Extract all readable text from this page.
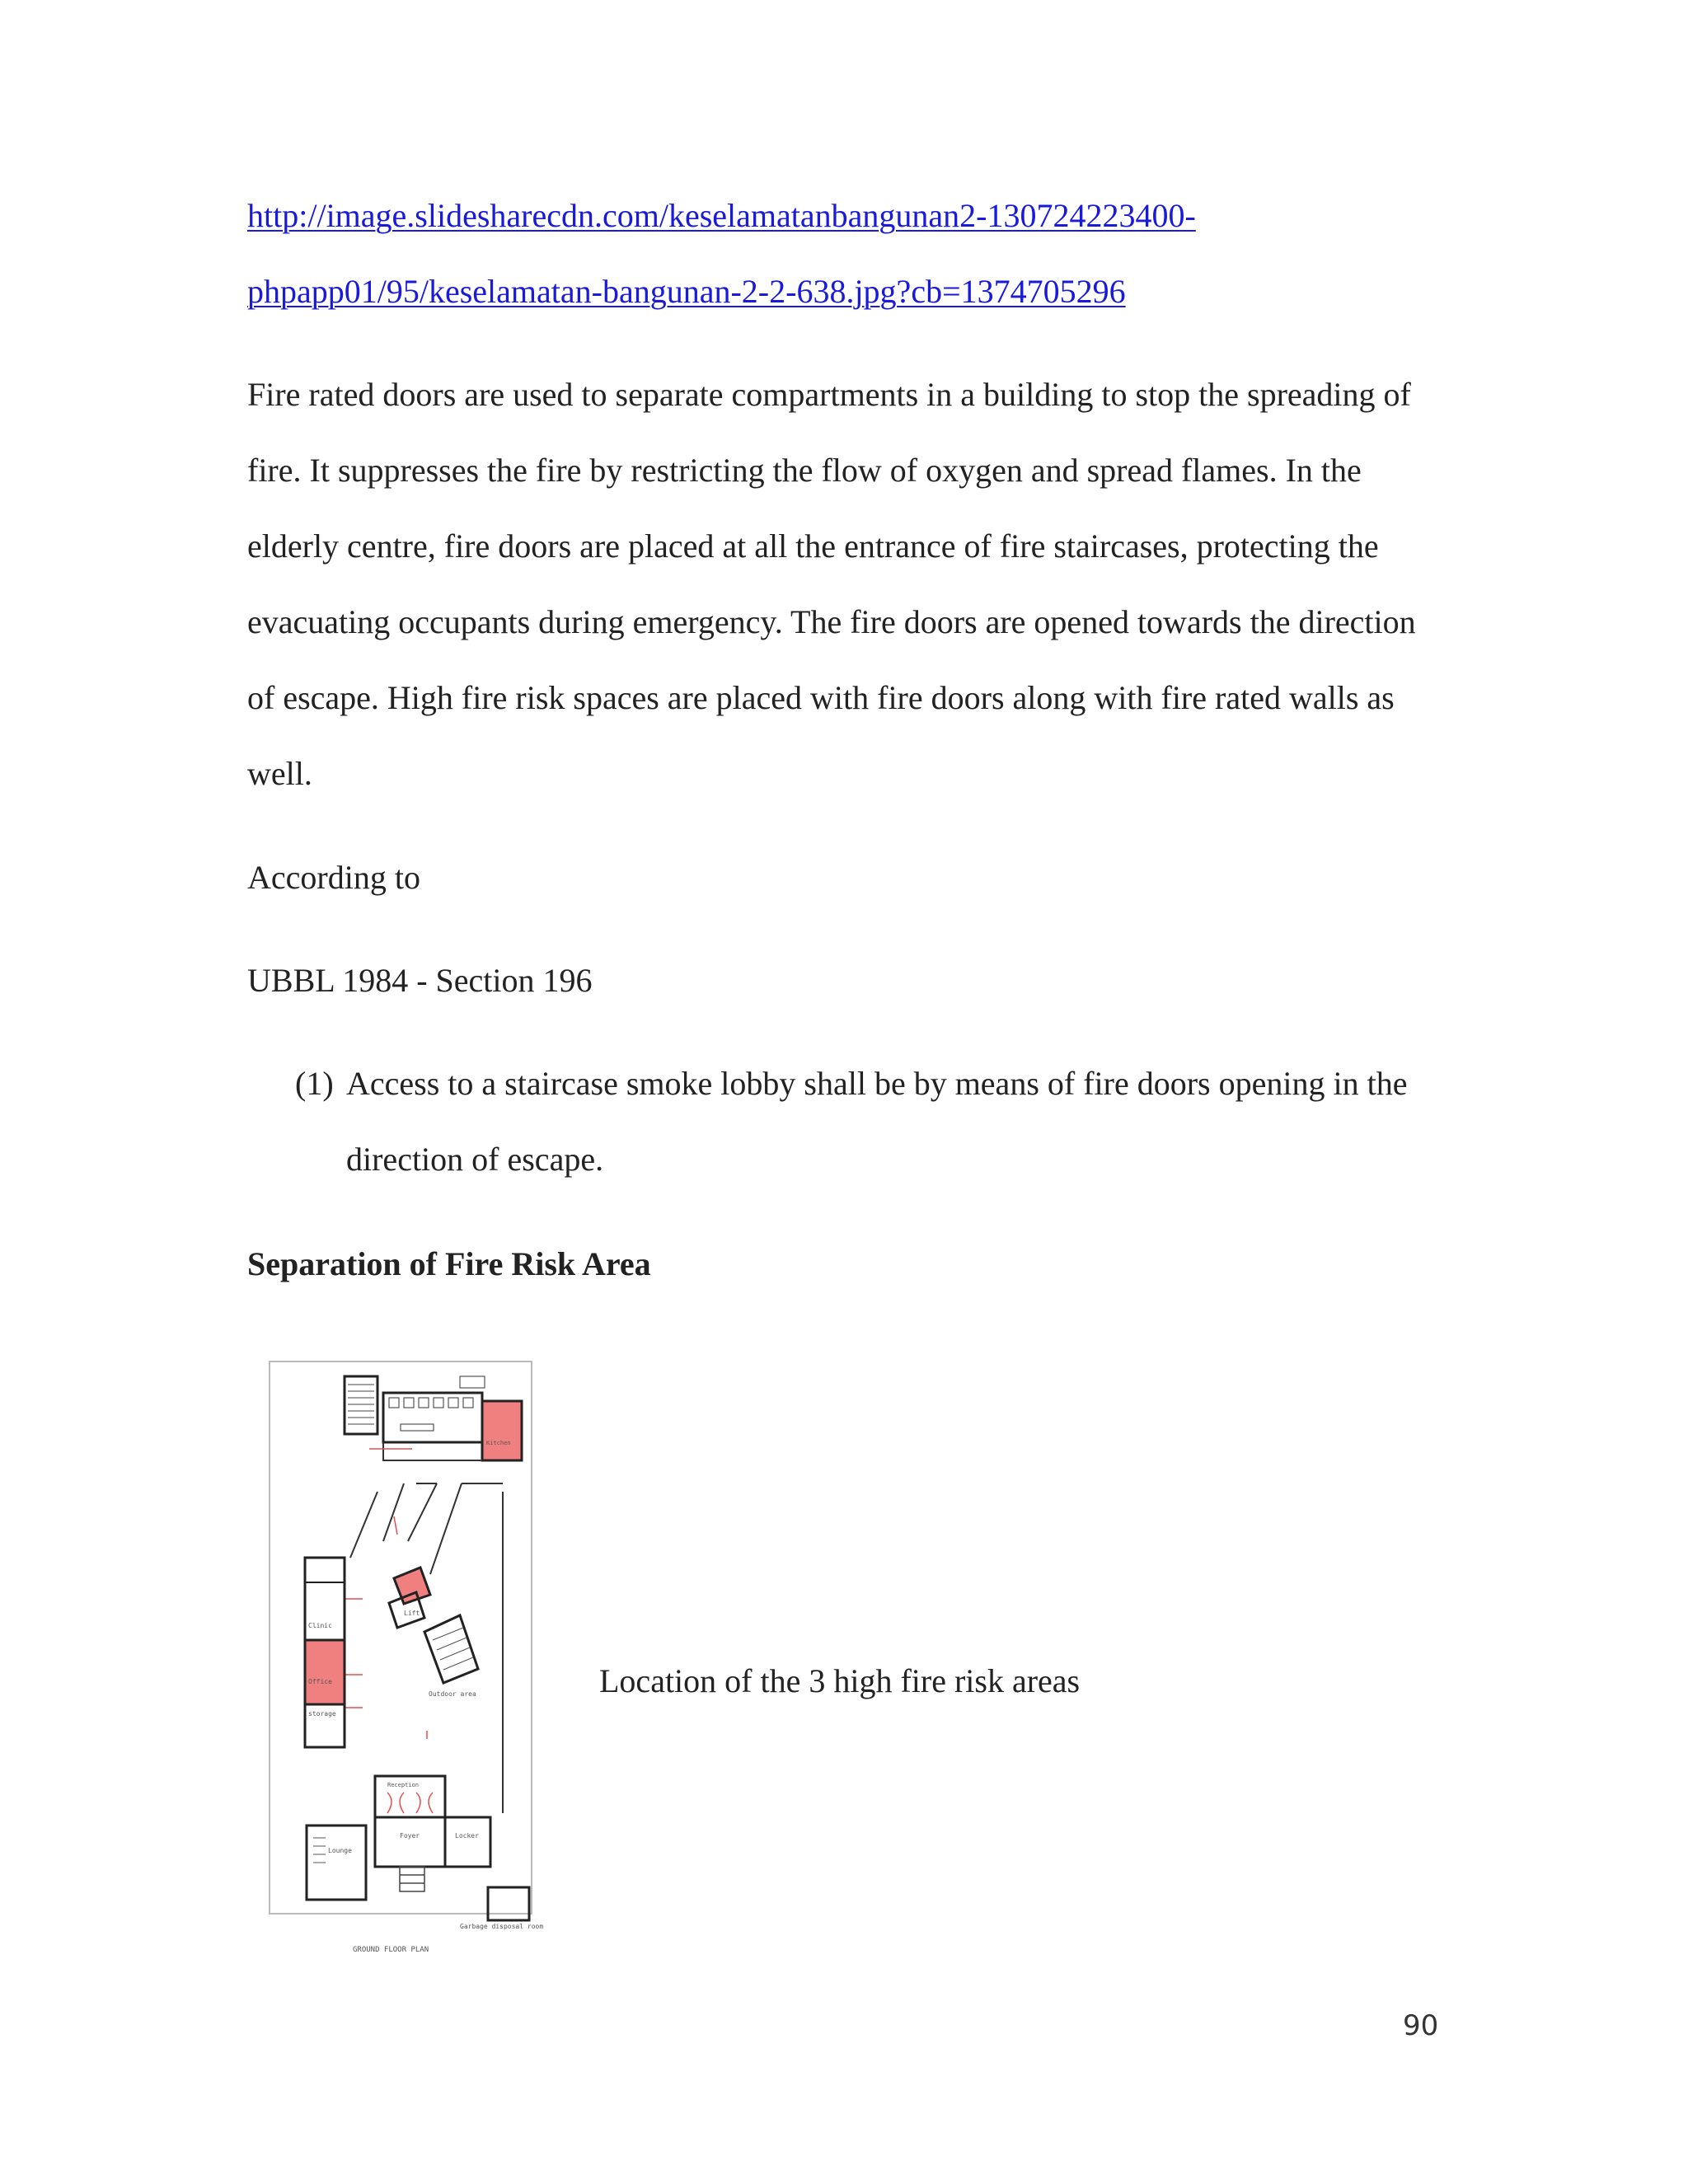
http://image.slidesharecdn.com/keselamatanbangunan2-130724223400-
phpapp01/95/keselamatan-bangunan-2-2-638.jpg?cb=1374705296
Fire rated doors are used to separate compartments in a building to stop the spreading of
fire. It suppresses the fire by restricting the flow of oxygen and spread flames. In the
elderly centre, fire doors are placed at all the entrance of fire staircases, protecting the
evacuating occupants during emergency. The fire doors are opened towards the direction
of escape. High fire risk spaces are placed with fire doors along with fire rated walls as
well.
According to
UBBL 1984 - Section 196
(1) Access to a staircase smoke lobby shall be by means of fire doors opening in the
direction of escape.
Separation of Fire Risk Area
Kitchen
Lift
Outdoor area
Clinic
Office
storage
Reception
Foyer	Locker
Lounge
Garbage disposal room
GROUND FLOOR PLAN
Location of the 3 high fire risk areas
90
